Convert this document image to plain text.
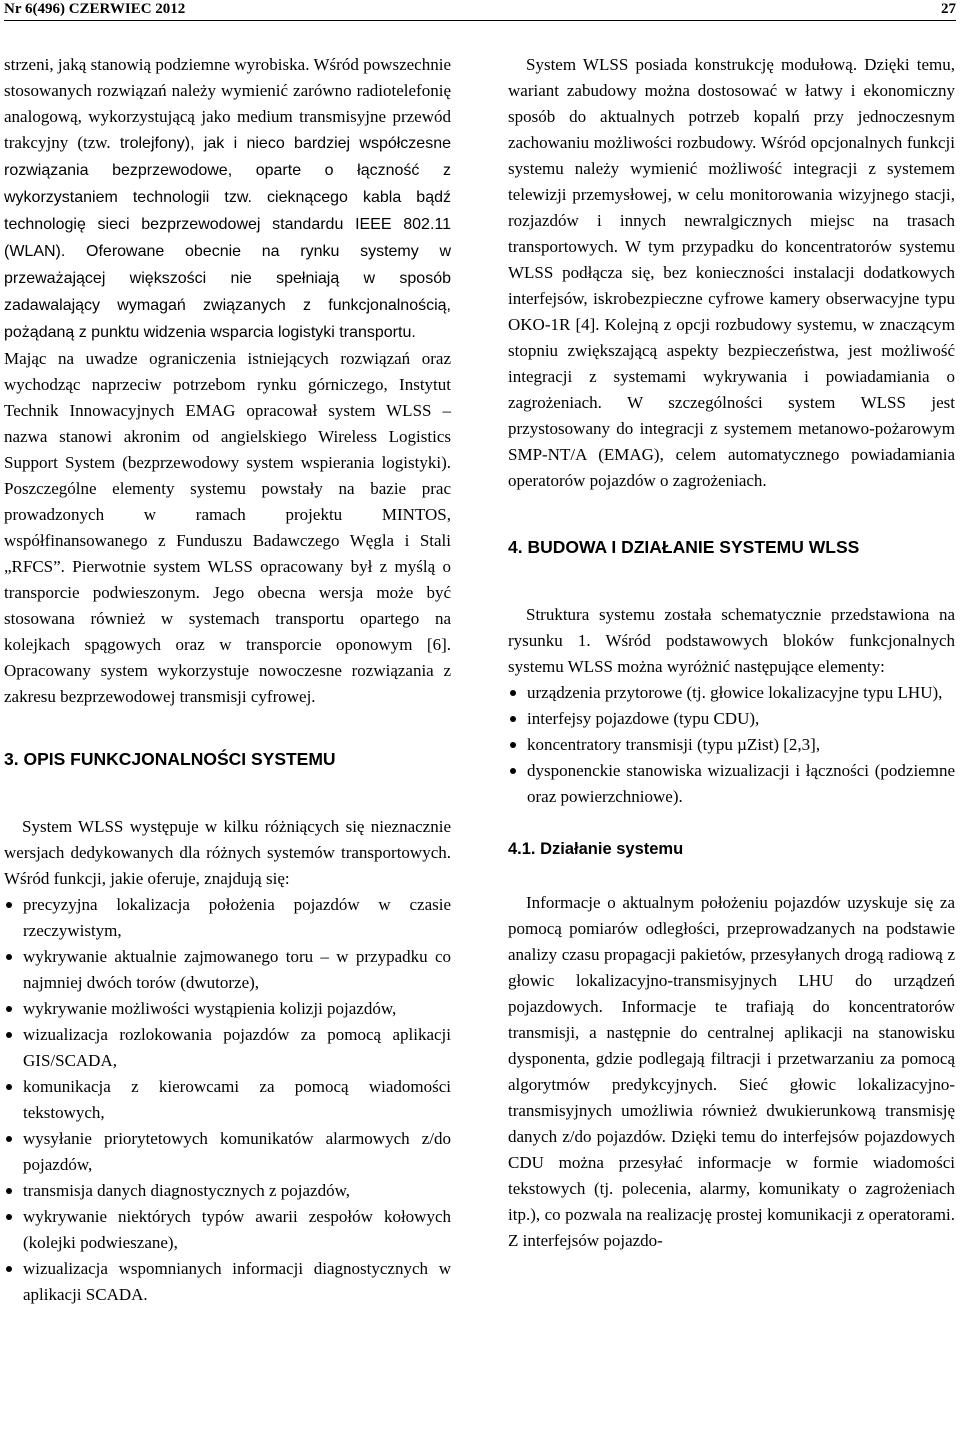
Nr 6(496) CZERWIEC 2012	27

strzeni, jaką stanowią podziemne wyrobiska. Wśród powszechnie stosowanych rozwiązań należy wymienić zarówno radiotelefonię analogową, wykorzystującą jako medium transmisyjne przewód trakcyjny (tzw. trolejfony), jak i nieco bardziej współczesne rozwiązania bezprzewodowe, oparte o łączność z wykorzystaniem technologii tzw. cieknącego kabla bądź technologię sieci bezprzewodowej standardu IEEE 802.11 (WLAN). Oferowane obecnie na rynku systemy w przeważającej większości nie spełniają w sposób zadawalający wymagań związanych z funkcjonalnością, pożądaną z punktu widzenia wsparcia logistyki transportu.

Mając na uwadze ograniczenia istniejących rozwiązań oraz wychodząc naprzeciw potrzebom rynku górniczego, Instytut Technik Innowacyjnych EMAG opracował system WLSS – nazwa stanowi akronim od angielskiego Wireless Logistics Support System (bezprzewodowy system wspierania logistyki). Poszczególne elementy systemu powstały na bazie prac prowadzonych w ramach projektu MINTOS, współfinansowanego z Funduszu Badawczego Węgla i Stali „RFCS”. Pierwotnie system WLSS opracowany był z myślą o transporcie podwieszonym. Jego obecna wersja może być stosowana również w systemach transportu opartego na kolejkach spągowych oraz w transporcie oponowym [6]. Opracowany system wykorzystuje nowoczesne rozwiązania z zakresu bezprzewodowej transmisji cyfrowej.

3. OPIS FUNKCJONALNOŚCI SYSTEMU

System WLSS występuje w kilku różniących się nieznacznie wersjach dedykowanych dla różnych systemów transportowych. Wśród funkcji, jakie oferuje, znajdują się:

precyzyjna lokalizacja położenia pojazdów w czasie rzeczywistym,
wykrywanie aktualnie zajmowanego toru – w przypadku co najmniej dwóch torów (dwutorze),
wykrywanie możliwości wystąpienia kolizji pojazdów,
wizualizacja rozlokowania pojazdów za pomocą aplikacji GIS/SCADA,
komunikacja z kierowcami za pomocą wiadomości tekstowych,
wysyłanie priorytetowych komunikatów alarmowych z/do pojazdów,
transmisja danych diagnostycznych z pojazdów,
wykrywanie niektórych typów awarii zespołów kołowych (kolejki podwieszane),
wizualizacja wspomnianych informacji diagnostycznych w aplikacji SCADA.

System WLSS posiada konstrukcję modułową. Dzięki temu, wariant zabudowy można dostosować w łatwy i ekonomiczny sposób do aktualnych potrzeb kopalń przy jednoczesnym zachowaniu możliwości rozbudowy. Wśród opcjonalnych funkcji systemu należy wymienić możliwość integracji z systemem telewizji przemysłowej, w celu monitorowania wizyjnego stacji, rozjazdów i innych newralgicznych miejsc na trasach transportowych. W tym przypadku do koncentratorów systemu WLSS podłącza się, bez konieczności instalacji dodatkowych interfejsów, iskrobezpieczne cyfrowe kamery obserwacyjne typu OKO-1R [4]. Kolejną z opcji rozbudowy systemu, w znaczącym stopniu zwiększającą aspekty bezpieczeństwa, jest możliwość integracji z systemami wykrywania i powiadamiania o zagrożeniach. W szczególności system WLSS jest przystosowany do integracji z systemem metanowo-pożarowym SMP-NT/A (EMAG), celem automatycznego powiadamiania operatorów pojazdów o zagrożeniach.

4. BUDOWA I DZIAŁANIE SYSTEMU WLSS

Struktura systemu została schematycznie przedstawiona na rysunku 1. Wśród podstawowych bloków funkcjonalnych systemu WLSS można wyróżnić następujące elementy:

urządzenia przytorowe (tj. głowice lokalizacyjne typu LHU),
interfejsy pojazdowe (typu CDU),
koncentratory transmisji (typu µZist) [2,3],
dysponenckie stanowiska wizualizacji i łączności (podziemne oraz powierzchniowe).
4.1. Działanie systemu

Informacje o aktualnym położeniu pojazdów uzyskuje się za pomocą pomiarów odległości, przeprowadzanych na podstawie analizy czasu propagacji pakietów, przesyłanych drogą radiową z głowic lokalizacyjno-transmisyjnych LHU do urządzeń pojazdowych. Informacje te trafiają do koncentratorów transmisji, a następnie do centralnej aplikacji na stanowisku dysponenta, gdzie podlegają filtracji i przetwarzaniu za pomocą algorytmów predykcyjnych. Sieć głowic lokalizacyjno-transmisyjnych umożliwia również dwukierunkową transmisję danych z/do pojazdów. Dzięki temu do interfejsów pojazdowych CDU można przesyłać informacje w formie wiadomości tekstowych (tj. polecenia, alarmy, komunikaty o zagrożeniach itp.), co pozwala na realizację prostej komunikacji z operatorami. Z interfejsów pojazdo-
